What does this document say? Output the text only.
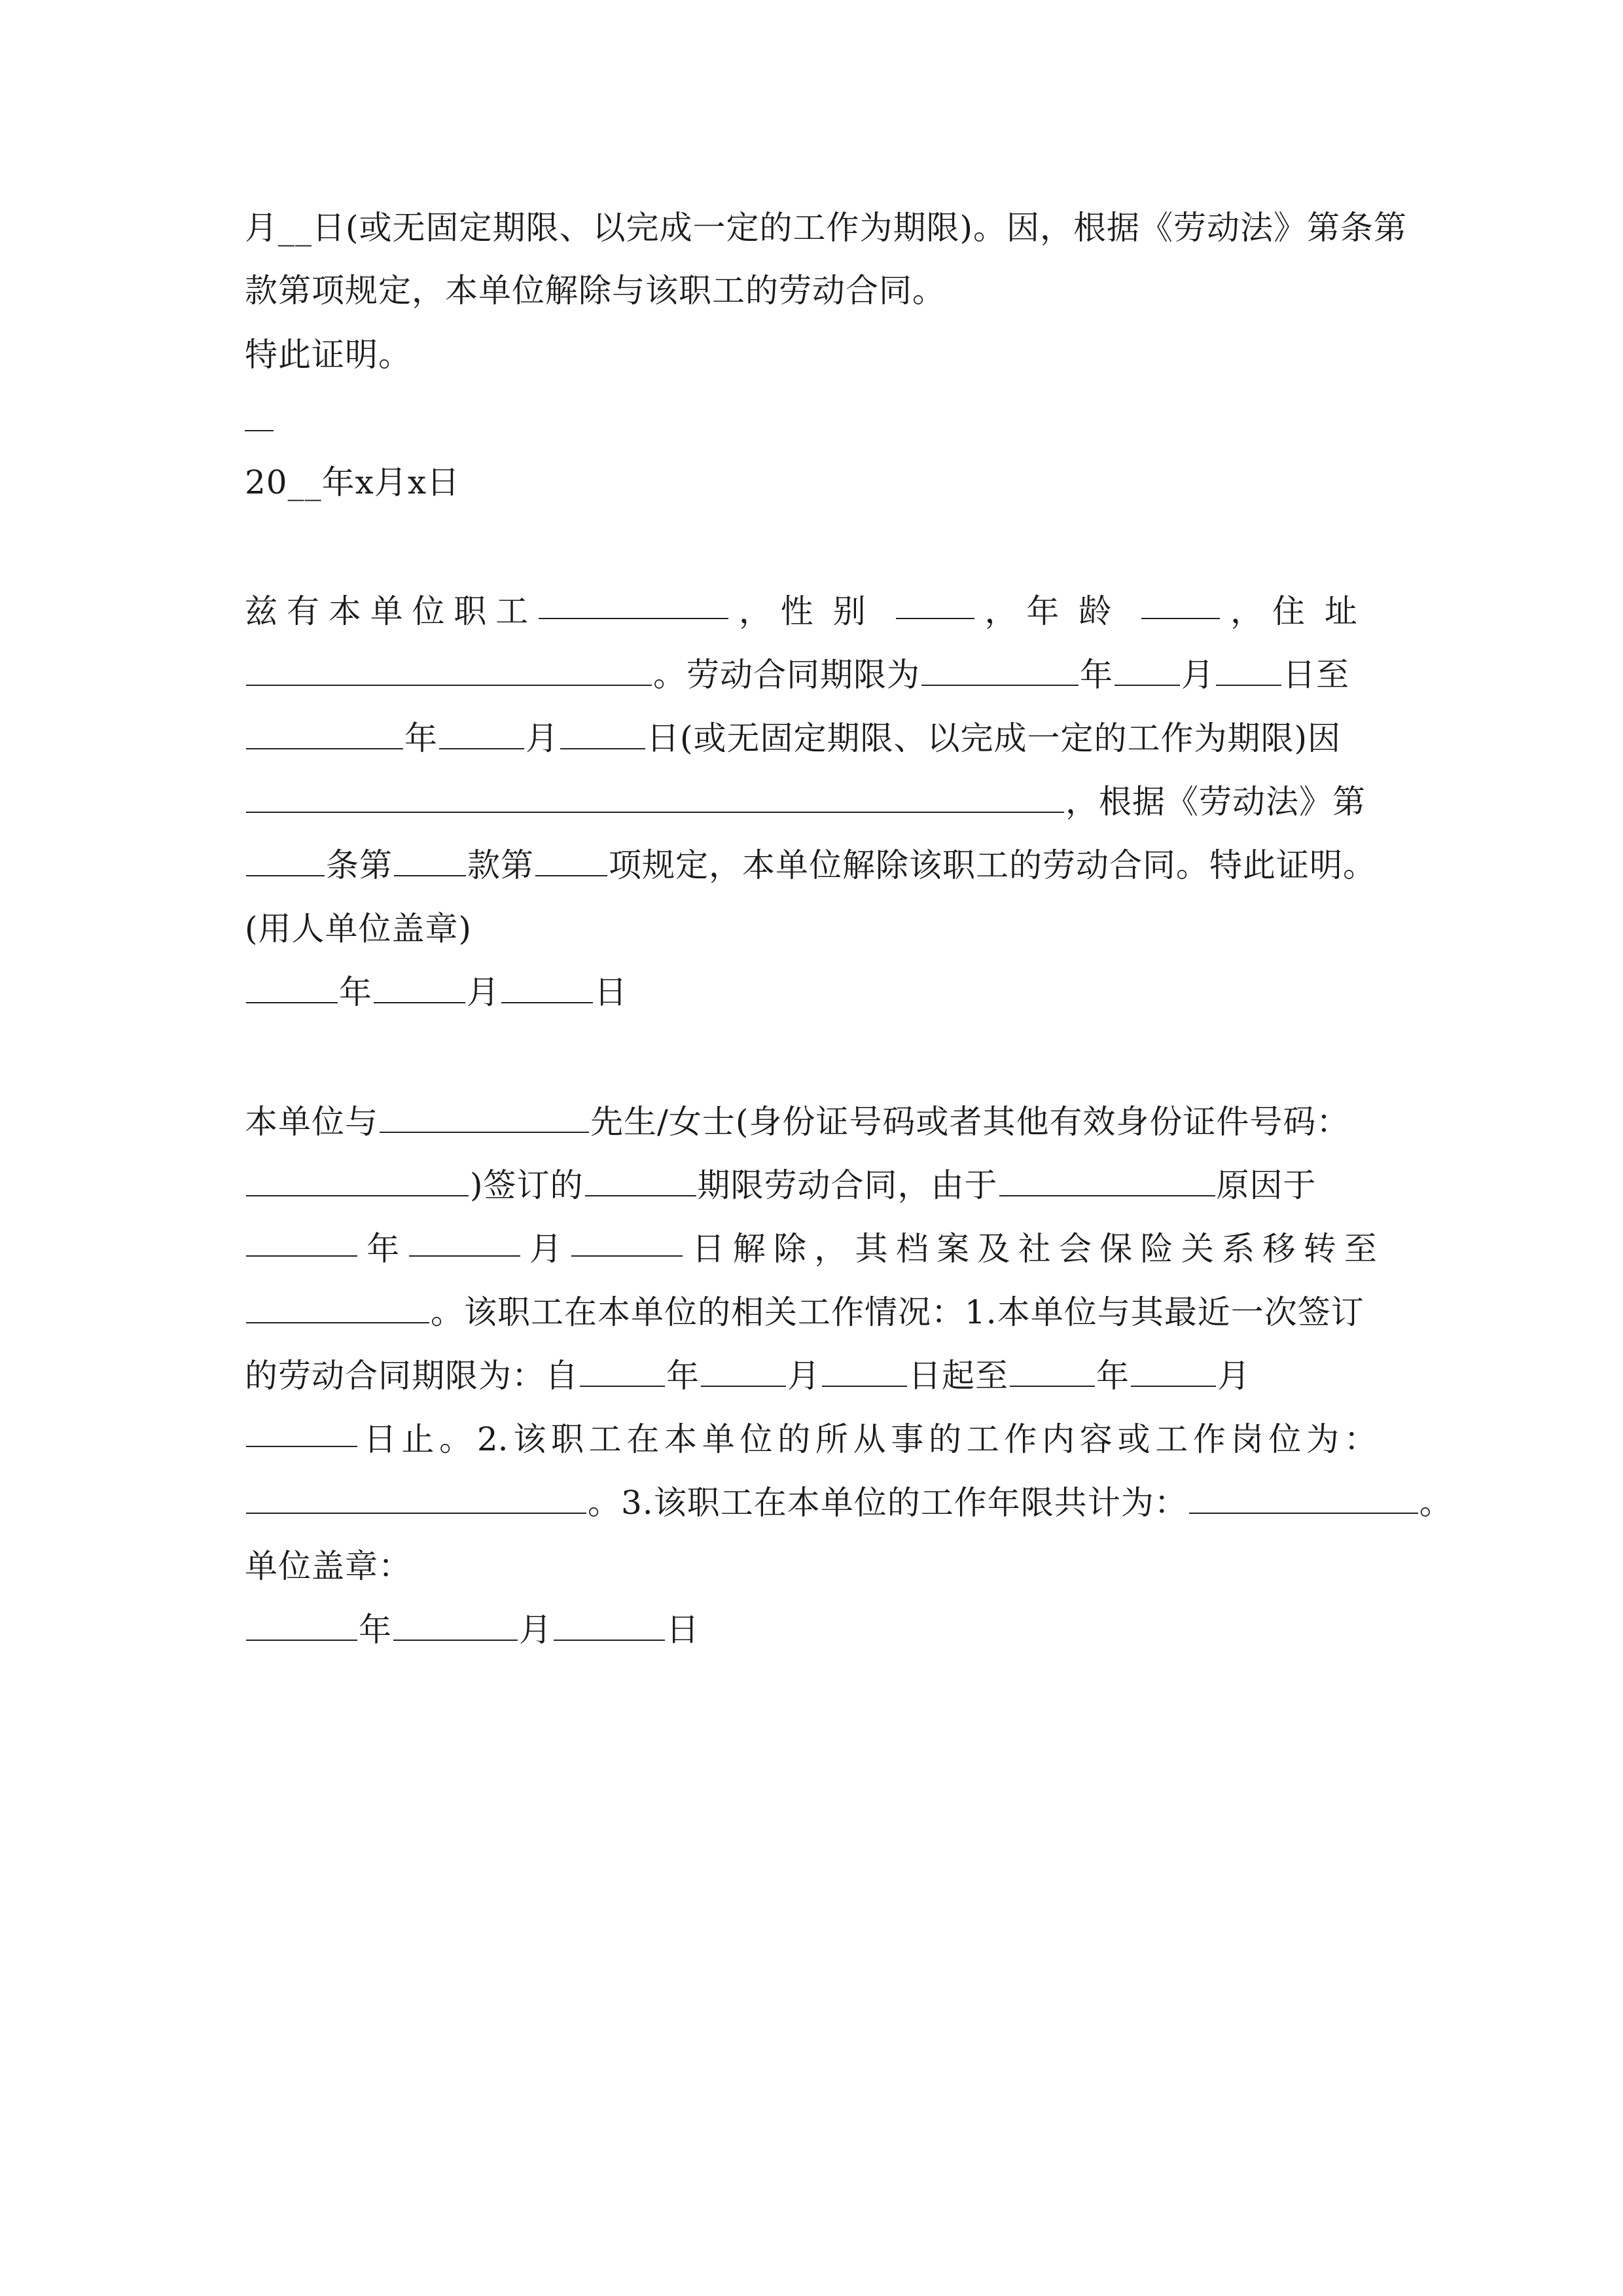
月__日(或无固定期限、以完成一定的工作为期限)。因，根据《劳动法》第条第
款第项规定，本单位解除与该职工的劳动合同。
特此证明。
20__年x月x日
兹 有 本 单 位 职 工	， 性别	， 年龄	， 住址
。劳动合同期限为	年 月 日至
年	月	日(或无固定期限、以完成一定的工作为期限)因
，根据《劳动法》第
条第 款第 项规定，本单位解除该职工的劳动合同。特此证明。
(用人单位盖章)
年	月	日
本单位与	先生/女士(身份证号码或者其他有效身份证件号码：
)签订的	期限劳动合同，由于	原因于
年	月	日 解 除 ， 其 档 案 及 社 会 保 险 关 系 移 转 至
。该职工在本单位的相关工作情况：1.本单位与其最近一次签订
的劳动合同期限为：自	年	月	日起至	年	月
日 止 。 2. 该 职 工 在 本 单 位 的 所 从 事 的 工 作 内 容 或 工 作 岗 位 为 ：
。3.该职工在本单位的工作年限共计为：	。
单位盖章：
年	月	日
